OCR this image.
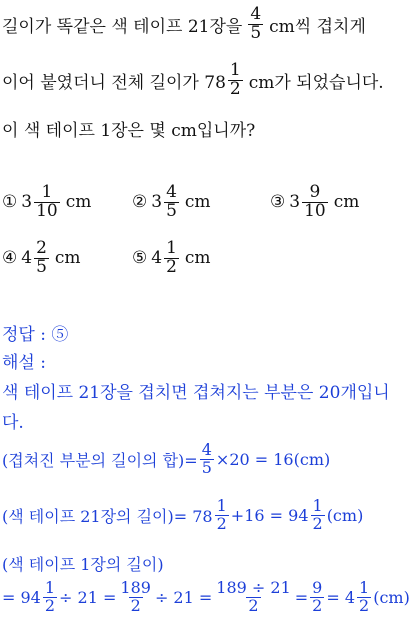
길이가 똑같은 색 테이프 21장을 $\frac{4}{5}$ cm씩 겹치게
이어 붙였더니 전체 길이가 $78 \frac{1}{2}$ cm가 되었습니다.
이 색 테이프 1장은 몇 cm입니까?
① $3 \frac{1}{10}$ cm ② $3 \frac{4}{5}$ cm	③ $3 \frac{9}{10}$ cm
④ $4 \frac{2}{5}$ cm	⑤ $4 \frac{1}{2}$ cm
정답 : ⑤
해설 :
색 테이프 21장을 겹치면 겹쳐지는 부분은 20개입니
다.
(겹쳐진 부분의 길이의 합)= $\frac{4}{5} \times 20 = 16(cm)$
(색 테이프 21장의 길이)= $78 \frac{1}{2} +16 = 94 \frac{1}{2} (cm)$
(색 테이프 1장의 길이)
= $94 \frac{1}{2} \div 21 = \frac{189}{2} \div 21 = \frac{189 \div 21}{2} = \frac{9}{2} = 4 \frac{1}{2} (cm)$
